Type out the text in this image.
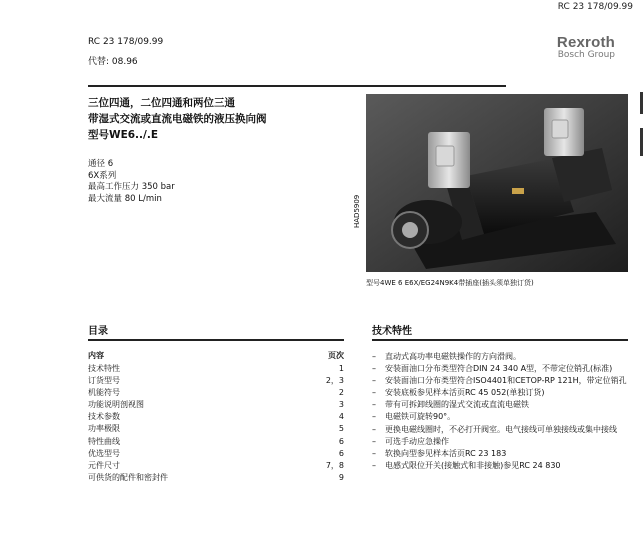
RC 23 178/09.99
RC 23 178/09.99
代替: 08.96
Rexroth
Bosch Group
三位四通，二位四通和两位三通
带湿式交流或直流电磁铁的液压换向阀
型号WE6../.E
通径 6
6X系列
最高工作压力 350 bar
最大流量 80 L/min	HAD5909
型号4WE 6 E6X/EG24N9K4带插座(插头须单独订货)
目录
内容	页次
技术特性	1
订货型号	2，3
机能符号	2
功能说明剖视图	3
技术参数	4
功率极限	5
特性曲线	6
优选型号	6
元件尺寸	7，8
可供货的配件和密封件	9
技术特性
– 直动式高功率电磁铁操作的方向滑阀。
– 安装面油口分布类型符合DIN 24 340 A型，不带定位销孔(标准)
– 安装面油口分布类型符合ISO4401和CETOP-RP 121H，带定位销孔
– 安装底板参见样本活页RC 45 052(单独订货)
– 带有可拆卸线圈的湿式交流或直流电磁铁
– 电磁铁可旋转90°。
– 更换电磁线圈时，不必打开阀室。电气接线可单独接线或集中接线
– 可选手动应急操作
– 软换向型参见样本活页RC 23 183
– 电感式限位开关(接触式和非接触)参见RC 24 830
